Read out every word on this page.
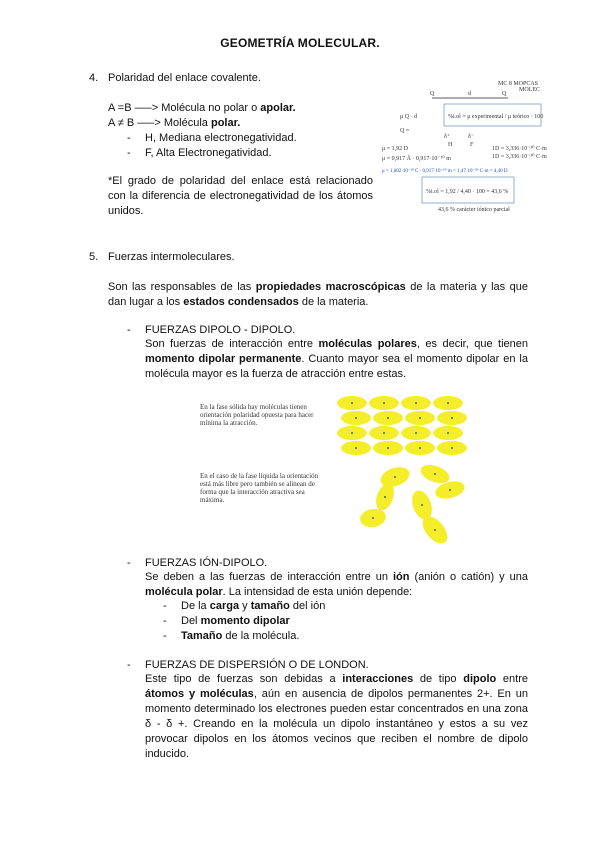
GEOMETRÍA MOLECULAR.

4. Polaridad del enlace covalente.

A =B —–> Molécula no polar o apolar.

A ≠ B —–> Molécula polar.

- H, Mediana electronegatividad.

- F, Alta Electronegatividad.

*El grado de polaridad del enlace está relacionado con la diferencia de electronegatividad de los átomos unidos.

MC 8 MOPCAS
MOLEC
Q	d	Q
μ Q · d	%i.ol = μ experimental / μ teórico · 100
Q =
δ⁺	δ⁻
H	F
μ = 1,92 D	1D = 3,336·10⁻³⁰ C·m
μ = 0,917 Å · 0,917·10⁻¹⁰ m	1D = 3,336·10⁻³⁰ C·m
μ = 1,602·10⁻¹⁹ C · 0,917·10⁻¹⁰ m = 1,47·10⁻²⁹ C·m = 4,40 D
%i.ol = 1,92 / 4,40 · 100 = 43,6 %
43,6 % carácter iónico parcial

5. Fuerzas intermoleculares.

Son las responsables de las propiedades macroscópicas de la materia y las que dan lugar a los estados condensados de la materia.

- FUERZAS DIPOLO - DIPOLO.

Son fuerzas de interacción entre moléculas polares, es decir, que tienen momento dipolar permanente. Cuanto mayor sea el momento dipolar en la molécula mayor es la fuerza de atracción entre estas.

En la fase sólida hay moléculas tienen orientación polaridad opuesta para hacer mínima la atracción.
En el caso de la fase líquida la orientación está más libre pero también se alinean de forma que la interacción atractiva sea máxima.

- FUERZAS IÓN-DIPOLO.

Se deben a las fuerzas de interacción entre un ión (anión o catión) y una molécula polar. La intensidad de esta unión depende:

- De la carga y tamaño del ión

- Del momento dipolar

- Tamaño de la molécula.

- FUERZAS DE DISPERSIÓN O DE LONDON.

Este tipo de fuerzas son debidas a interacciones de tipo dipolo entre átomos y moléculas, aún en ausencia de dipolos permanentes 2+. En un momento determinado los electrones pueden estar concentrados en una zona δ - δ +. Creando en la molécula un dipolo instantáneo y estos a su vez provocar dipolos en los átomos vecinos que reciben el nombre de dipolo inducido.
